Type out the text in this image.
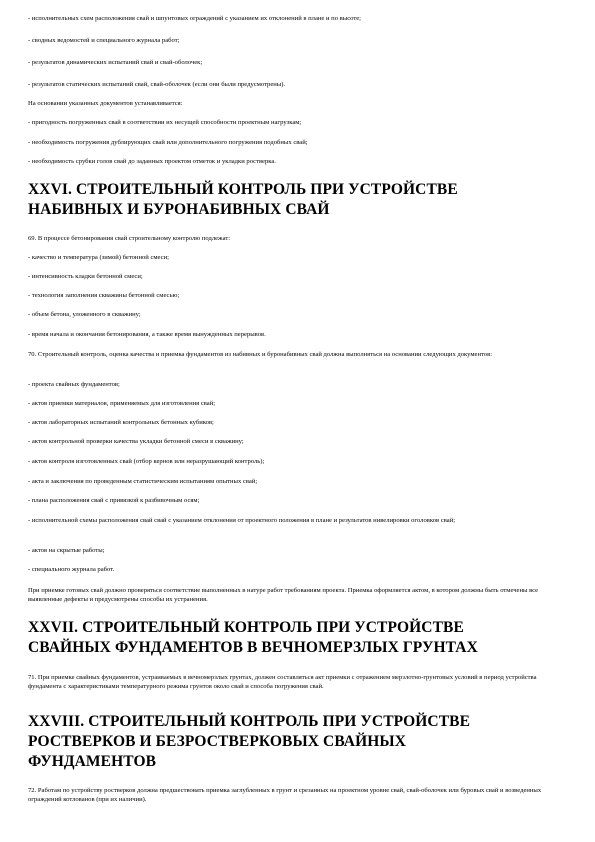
- исполнительных схем расположения свай и шпунтовых ограждений с указанием их отклонений в плане и по высоте;

- сводных ведомостей и специального журнала работ;

- результатов динамических испытаний свай и свай-оболочек;

- результатов статических испытаний свай, свай-оболочек (если они были предусмотрены).

На основании указанных документов устанавливается:

- пригодность погруженных свай в соответствии их несущей способности проектным нагрузкам;

- необходимость погружения дублирующих свай или дополнительного погружения подобных свай;

- необходимость срубки голов свай до заданных проектом отметок и укладки ростверка.

XXVI. СТРОИТЕЛЬНЫЙ КОНТРОЛЬ ПРИ УСТРОЙСТВЕ
НАБИВНЫХ И БУРОНАБИВНЫХ СВАЙ

69. В процессе бетонирования свай строительному контролю подлежат:

- качество и температура (зимой) бетонной смеси;

- интенсивность кладки бетонной смеси;

- технология заполнения скважины бетонной смесью;

- объем бетона, уложенного в скважину;

- время начала и окончания бетонирования, а также время вынужденных перерывов.

70. Строительный контроль, оценка качества и приемка фундаментов из набивных и буронабивных свай должна выполняться на основании следующих документов:

- проекта свайных фундаментов;

- актов приемки материалов, применяемых для изготовления свай;

- актов лабораторных испытаний контрольных бетонных кубиков;

- актов контрольной проверки качества укладки бетонной смеси в скважину;

- актов контроля изготовленных свай (отбор кернов или неразрушающий контроль);

- акта и заключения по проведенным статистическим испытаниям опытных свай;

- плана расположения свай с привязкой к разбивочным осям;

- исполнительной схемы расположения свай свай с указанием отклонения от проектного положения в плане и результатов нивелировки оголовков свай;

- актов на скрытые работы;

- специального журнала работ.

При приемке готовых свай должно проверяться соответствие выполненных в натуре работ требованиям проекта. Приемка оформляется актом, в котором должны быть отмечены все выявленные дефекты и предусмотрены способы их устранения.

XXVII. СТРОИТЕЛЬНЫЙ КОНТРОЛЬ ПРИ УСТРОЙСТВЕ
СВАЙНЫХ ФУНДАМЕНТОВ В ВЕЧНОМЕРЗЛЫХ ГРУНТАХ

71. При приемке свайных фундаментов, устраиваемых в вечномерзлых грунтах, должен составляться акт приемки с отражением мерзлотно-грунтовых условий в период устройства фундамента с характеристиками температурного режима грунтов около свай и способа погружения свай.

XXVIII. СТРОИТЕЛЬНЫЙ КОНТРОЛЬ ПРИ УСТРОЙСТВЕ
РОСТВЕРКОВ И БЕЗРОСТВЕРКОВЫХ СВАЙНЫХ
ФУНДАМЕНТОВ

72. Работам по устройству ростверков должна предшествовать приемка заглубленных в грунт и срезанных на проектном уровне свай, свай-оболочек или буровых свай и возведенных ограждений котлованов (при их наличии).
